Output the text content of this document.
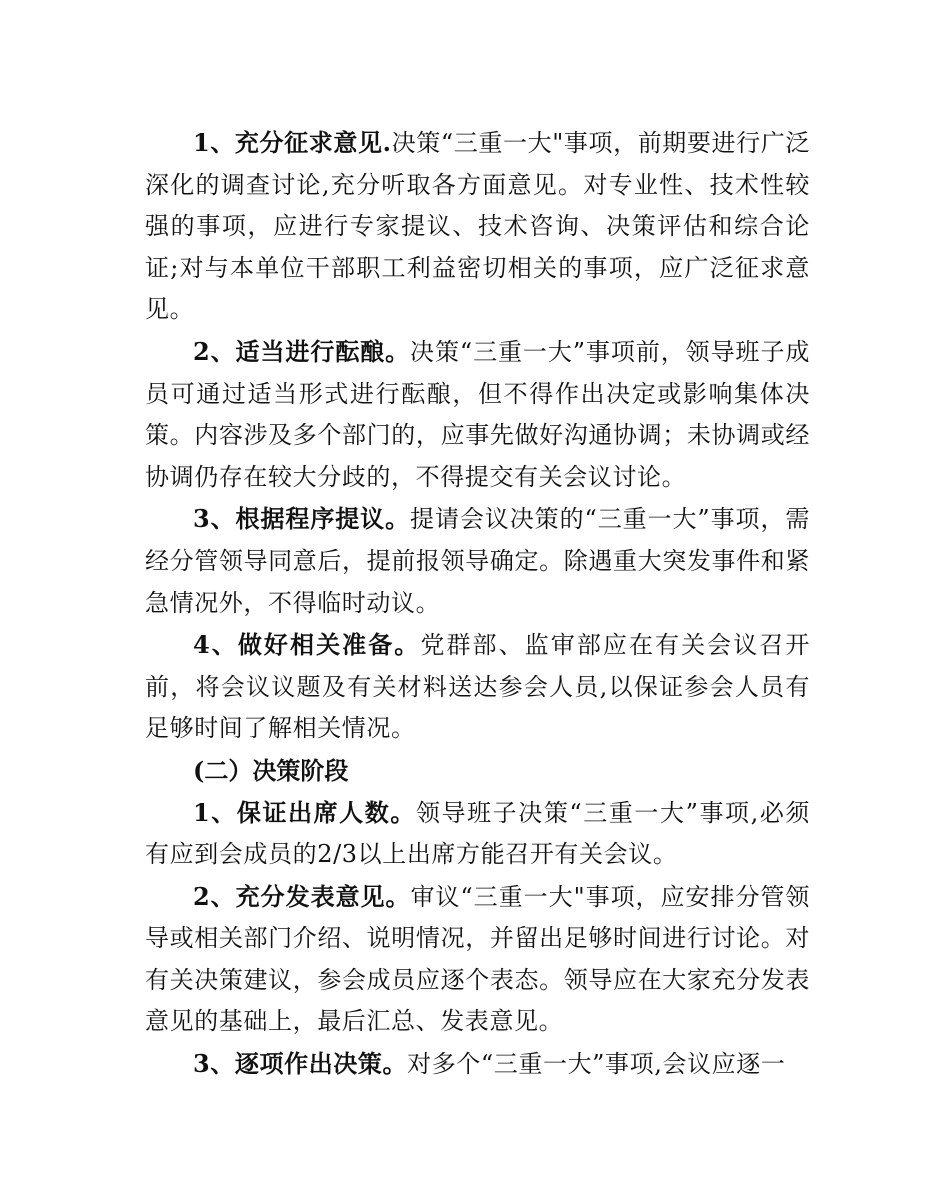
1、充分征求意见.决策“三重一大"事项，前期要进行广泛深化的调查讨论,充分听取各方面意见。对专业性、技术性较强的事项，应进行专家提议、技术咨询、决策评估和综合论证;对与本单位干部职工利益密切相关的事项，应广泛征求意见。

2、适当进行酝酿。决策“三重一大”事项前，领导班子成员可通过适当形式进行酝酿，但不得作出决定或影响集体决策。内容涉及多个部门的，应事先做好沟通协调；未协调或经协调仍存在较大分歧的，不得提交有关会议讨论。

3、根据程序提议。提请会议决策的“三重一大”事项，需经分管领导同意后，提前报领导确定。除遇重大突发事件和紧急情况外，不得临时动议。

4、做好相关准备。党群部、监审部应在有关会议召开前，将会议议题及有关材料送达参会人员,以保证参会人员有足够时间了解相关情况。

(二）决策阶段

1、保证出席人数。领导班子决策“三重一大”事项,必须有应到会成员的2/3以上出席方能召开有关会议。

2、充分发表意见。审议“三重一大"事项，应安排分管领导或相关部门介绍、说明情况，并留出足够时间进行讨论。对有关决策建议，参会成员应逐个表态。领导应在大家充分发表意见的基础上，最后汇总、发表意见。

3、逐项作出决策。对多个“三重一大”事项,会议应逐一
